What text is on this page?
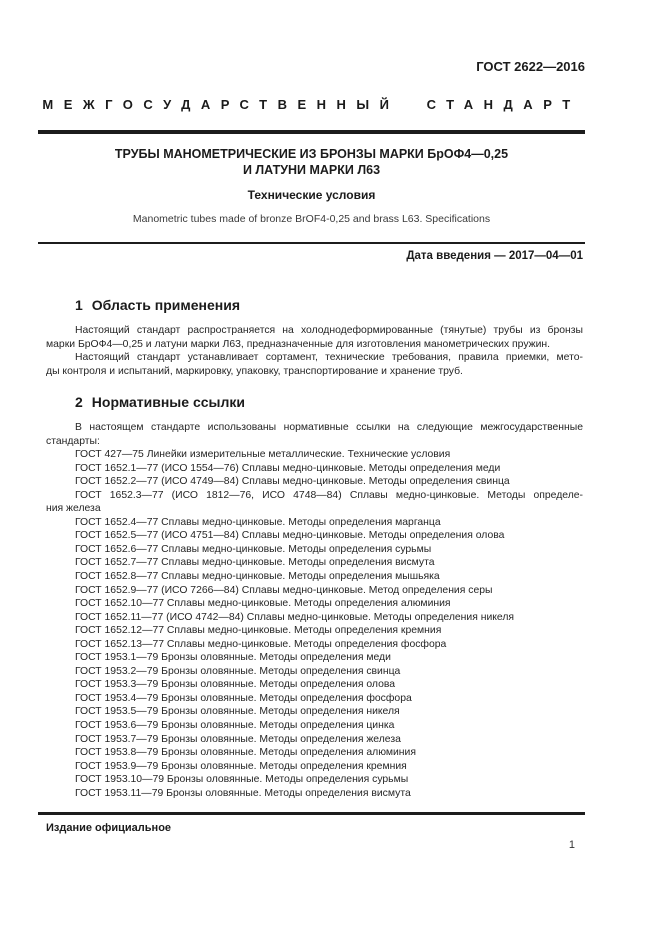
ГОСТ 2622—2016
МЕЖГОСУДАРСТВЕННЫЙ СТАНДАРТ
ТРУБЫ МАНОМЕТРИЧЕСКИЕ ИЗ БРОНЗЫ МАРКИ БрОФ4—0,25
И ЛАТУНИ МАРКИ Л63
Технические условия
Manometric tubes made of bronze BrOF4-0,25 and brass L63. Specifications
Дата введения — 2017—04—01
1 Область применения
Настоящий стандарт распространяется на холоднодеформированные (тянутые) трубы из бронзы
марки БрОФ4—0,25 и латуни марки Л63, предназначенные для изготовления манометрических пружин.
Настоящий стандарт устанавливает сортамент, технические требования, правила приемки, мето-
ды контроля и испытаний, маркировку, упаковку, транспортирование и хранение труб.
2 Нормативные ссылки
В настоящем стандарте использованы нормативные ссылки на следующие межгосударственные
стандарты:
ГОСТ 427—75 Линейки измерительные металлические. Технические условия
ГОСТ 1652.1—77 (ИСО 1554—76) Сплавы медно-цинковые. Методы определения меди
ГОСТ 1652.2—77 (ИСО 4749—84) Сплавы медно-цинковые. Методы определения свинца
ГОСТ 1652.3—77 (ИСО 1812—76, ИСО 4748—84) Сплавы медно-цинковые. Методы определе-
ния железа
ГОСТ 1652.4—77 Сплавы медно-цинковые. Методы определения марганца
ГОСТ 1652.5—77 (ИСО 4751—84) Сплавы медно-цинковые. Методы определения олова
ГОСТ 1652.6—77 Сплавы медно-цинковые. Методы определения сурьмы
ГОСТ 1652.7—77 Сплавы медно-цинковые. Методы определения висмута
ГОСТ 1652.8—77 Сплавы медно-цинковые. Методы определения мышьяка
ГОСТ 1652.9—77 (ИСО 7266—84) Сплавы медно-цинковые. Метод определения серы
ГОСТ 1652.10—77 Сплавы медно-цинковые. Методы определения алюминия
ГОСТ 1652.11—77 (ИСО 4742—84) Сплавы медно-цинковые. Методы определения никеля
ГОСТ 1652.12—77 Сплавы медно-цинковые. Методы определения кремния
ГОСТ 1652.13—77 Сплавы медно-цинковые. Методы определения фосфора
ГОСТ 1953.1—79 Бронзы оловянные. Методы определения меди
ГОСТ 1953.2—79 Бронзы оловянные. Методы определения свинца
ГОСТ 1953.3—79 Бронзы оловянные. Методы определения олова
ГОСТ 1953.4—79 Бронзы оловянные. Методы определения фосфора
ГОСТ 1953.5—79 Бронзы оловянные. Методы определения никеля
ГОСТ 1953.6—79 Бронзы оловянные. Методы определения цинка
ГОСТ 1953.7—79 Бронзы оловянные. Методы определения железа
ГОСТ 1953.8—79 Бронзы оловянные. Методы определения алюминия
ГОСТ 1953.9—79 Бронзы оловянные. Методы определения кремния
ГОСТ 1953.10—79 Бронзы оловянные. Методы определения сурьмы
ГОСТ 1953.11—79 Бронзы оловянные. Методы определения висмута
Издание официальное
1
